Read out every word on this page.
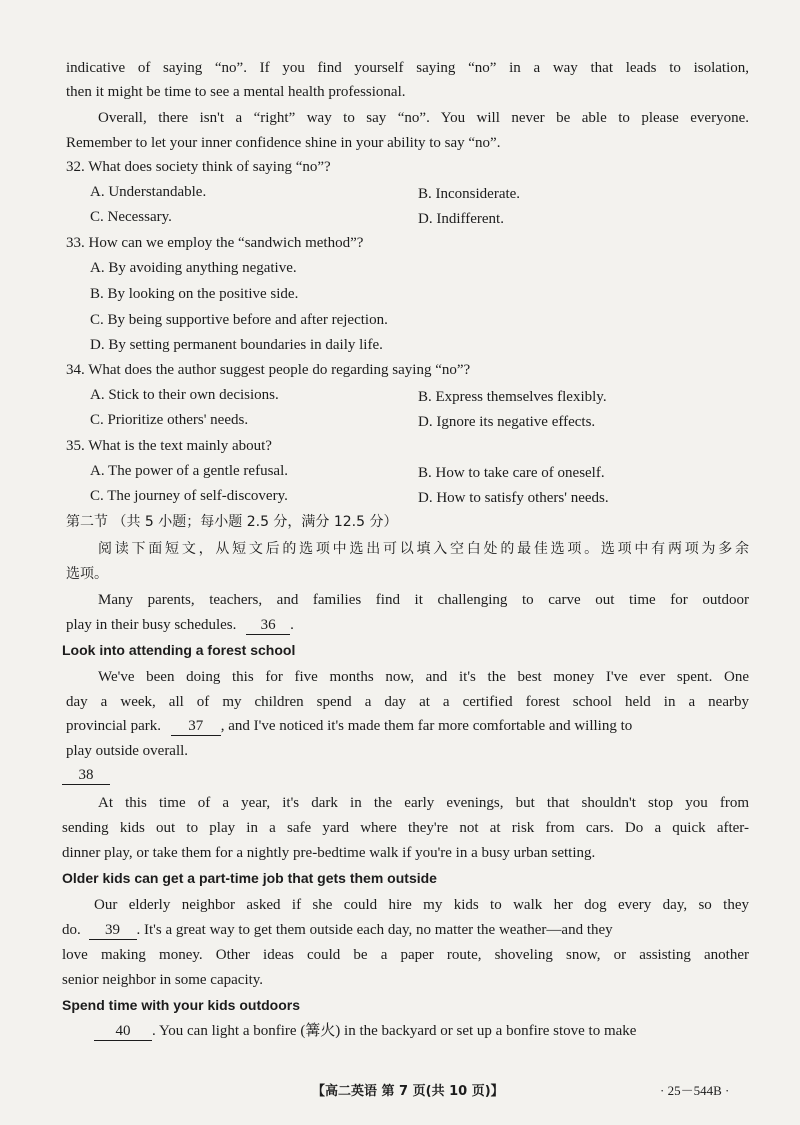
indicative of saying “no”. If you find yourself saying “no” in a way that leads to isolation,
then it might be time to see a mental health professional.
Overall, there isn't a “right” way to say “no”. You will never be able to please everyone.
Remember to let your inner confidence shine in your ability to say “no”.
32. What does society think of saying “no”?
A. Understandable.	B. Inconsiderate.
C. Necessary.	D. Indifferent.
33. How can we employ the “sandwich method”?
A. By avoiding anything negative.
B. By looking on the positive side.
C. By being supportive before and after rejection.
D. By setting permanent boundaries in daily life.
34. What does the author suggest people do regarding saying “no”?
A. Stick to their own decisions.	B. Express themselves flexibly.
C. Prioritize others' needs.	D. Ignore its negative effects.
35. What is the text mainly about?
A. The power of a gentle refusal.	B. How to take care of oneself.
C. The journey of self-discovery.	D. How to satisfy others' needs.
第二节 （共 5 小题；每小题 2.5 分，满分 12.5 分）
阅读下面短文，从短文后的选项中选出可以填入空白处的最佳选项。选项中有两项为多余
选项。
Many parents, teachers, and families find it challenging to carve out time for outdoor
play in their busy schedules. 36 .
Look into attending a forest school
We've been doing this for five months now, and it's the best money I've ever spent. One
day a week, all of my children spend a day at a certified forest school held in a nearby
provincial park. 37 , and I've noticed it's made them far more comfortable and willing to
play outside overall.
38
At this time of a year, it's dark in the early evenings, but that shouldn't stop you from
sending kids out to play in a safe yard where they're not at risk from cars. Do a quick after-
dinner play, or take them for a nightly pre-bedtime walk if you're in a busy urban setting.
Older kids can get a part-time job that gets them outside
Our elderly neighbor asked if she could hire my kids to walk her dog every day, so they
do. 39 . It's a great way to get them outside each day, no matter the weather—and they
love making money. Other ideas could be a paper route, shoveling snow, or assisting another
senior neighbor in some capacity.
Spend time with your kids outdoors
40 . You can light a bonfire (篝火) in the backyard or set up a bonfire stove to make
【高二英语 第 7 页(共 10 页)】	· 25－544B ·
